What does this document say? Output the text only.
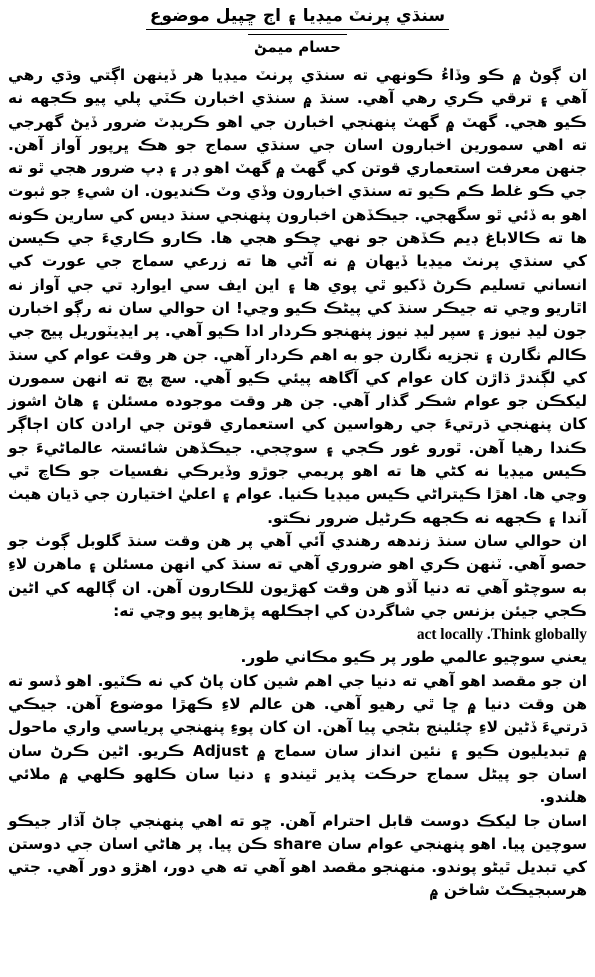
سنڌي پرنٽ ميڊيا ۽ اڄ ڇپيل موضوع
حسام ميمڻ

ان ڳوڻ ۾ ڪو وڏاءُ ڪونهي ته سنڌي پرنٽ ميڊيا هر ڏينهن اڳتي وڌي رهي آهي ۽ ترقي ڪري رهي آهي. سنڌ ۾ سنڌي اخبارن ڪٽي پلي پيو ڪجهه نه ڪيو هجي. گهٽ ۾ گهٽ پنهنجي اخبارن جي اهو ڪريڊٽ ضرور ڏيڻ گهرجي ته اهي سمورين اخبارون اسان جي سنڌي سماج جو هڪ ڀرپور آواز آهن. جنهن معرفت استعماري قوتن کي گهٽ ۾ گهٽ اهو ڊر ۽ ڊپ ضرور هجي ٿو ته جي ڪو غلط ڪم ڪيو ته سنڌي اخبارون وڏي وٽ ڪنديون. ان شيءِ جو ثبوت اهو به ڏئي ٿو سگهجي. جيڪڏهن اخبارون پنهنجي سنڌ ديس کي سارين ڪونه ها ته ڪالاباغ ڊيم ڪڏهن جو نهي چڪو هجي ها. ڪارو ڪاريءَ جي ڪيسن کي سنڌي پرنٽ ميڊيا ڏيهان ۾ نه آڻي ها ته زرعي سماج جي عورت کي انساني تسليم ڪرڻ ڏکيو ٿي پوي ها ۽ اين ايف سي ايوارڊ تي جي آواز نه اٿاريو وڃي ته جيڪر سنڌ کي پيڻڪ ڪيو وڃي! ان حوالي سان نه رڳو اخبارن جون ليڊ نيوز ۽ سپر ليڊ نيوز پنهنجو ڪردار ادا ڪيو آهي. پر ايڊيٽوريل پيج جي ڪالم نگارن ۽ تجزيه نگارن جو به اهم ڪردار آهي. جن هر وقت عوام کي سنڌ کي لڳندڙ ڌاڙن کان عوام کي آگاهه پيئي ڪيو آهي. سچ پچ ته انهن سمورن ليکڪن جو عوام شڪر گذار آهي. جن هر وقت موجوده مسئلن ۽ هاڻ اشوز کان پنهنجي ڌرتيءَ جي رهواسين کي استعماري قوتن جي ارادن کان اڄاڳر ڪندا رهيا آهن. ٿورو غور ڪجي ۽ سوچجي. جيڪڏهن شائستہ عالماڻيءَ جو ڪيس ميڊيا نه کڻي ها ته اهو پريمي جوڙو وڏيرڪي نفسيات جو ڪاچ ٿي وڃي ها. اهڙا ڪيتراڻي ڪيس ميڊيا ڪنيا. عوام ۽ اعليٰ اختيارن جي ڌيان هيٺ آندا ۽ ڪجهه نه ڪجهه ڪرڻيل ضرور نڪتو.

ان حوالي سان سنڌ زندهه رهندي آئي آهي پر هن وقت سنڌ گلوبل ڳوٺ جو حصو آهي. ٽنهن ڪري اهو ضروري آهي ته سنڌ کي انهن مسئلن ۽ ماهرن لاءِ به سوچڻو آهي ته دنيا آڏو هن وقت کهڙيون للڪارون آهن. ان ڳالهه کي اڻين ڪجي جيئن بزنس جي شاگردن کي اڄڪلهه پڙهايو پيو وڃي ته:

act locally .Think globally

يعني سوچيو عالمي طور پر ڪيو مڪاني طور.

ان جو مقصد اهو آهي ته دنيا جي اهم شين کان پاڻ کي نه ڪٽيو. اهو ڏسو ته هن وقت دنيا ۾ ڇا ٿي رهيو آهي. هن عالم لاءِ ڪهڙا موضوع آهن. جيڪي ڌرتيءَ ڏڻين لاءِ چئلينج بڻجي پيا آهن. ان کان پوءِ پنهنجي پرياسي واري ماحول ۾ تبديليون ڪيو ۽ نئين انداز سان سماج ۾ Adjust ڪريو. اڻين ڪرڻ سان اسان جو پيڻل سماج حرڪت پذير ٿيندو ۽ دنيا سان ڪلهو ڪلهي ۾ ملائي هلندو.

اسان جا ليکڪ دوست قابل احترام آهن. ڇو ته اهي پنهنجي ڄاڻ آڌار جيڪو سوچين پيا. اهو پنهنجي عوام سان share ڪن پيا. پر هاڻي اسان جي دوستن کي تبديل ٿيڻو پوندو. منهنجو مقصد اهو آهي ته هي دور، اهڙو دور آهي. جتي هرسبجيڪٽ شاخن ۾
